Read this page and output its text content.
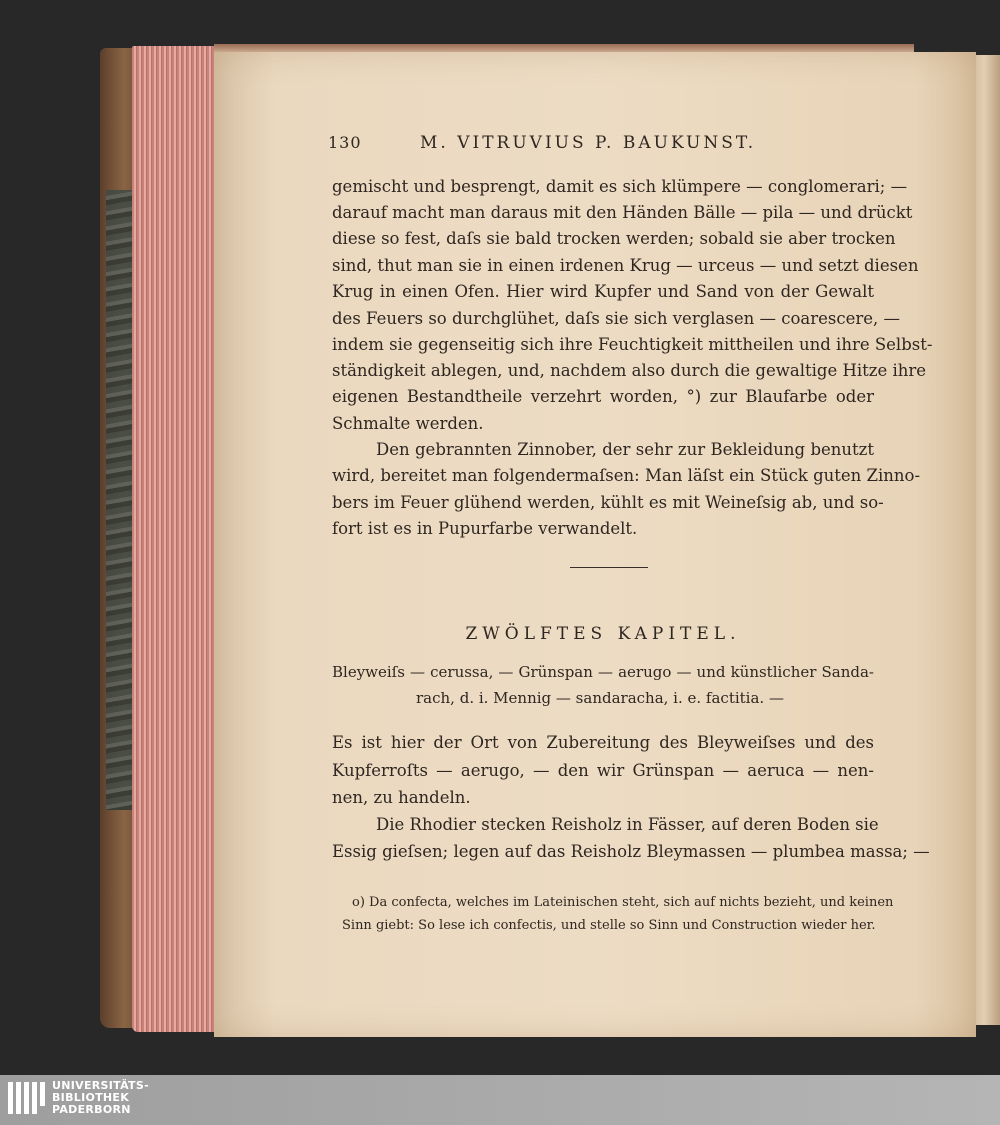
130	M. VITRUVIUS P. BAUKUNST.
gemischt und besprengt, damit es sich klümpere — conglomerari; —
darauf macht man daraus mit den Händen Bälle — pila — und drückt
diese so fest, daſs sie bald trocken werden; sobald sie aber trocken
sind, thut man sie in einen irdenen Krug — urceus — und setzt diesen
Krug in einen Ofen. Hier wird Kupfer und Sand von der Gewalt
des Feuers so durchglühet, daſs sie sich verglasen — coarescere, —
indem sie gegenseitig sich ihre Feuchtigkeit mittheilen und ihre Selbst-
ständigkeit ablegen, und, nachdem also durch die gewaltige Hitze ihre
eigenen Bestandtheile verzehrt worden, °) zur Blaufarbe oder
Schmalte werden.
Den gebrannten Zinnober, der sehr zur Bekleidung benutzt
wird, bereitet man folgendermaſsen: Man läſst ein Stück guten Zinno-
bers im Feuer glühend werden, kühlt es mit Weineſsig ab, und so-
fort ist es in Pupurfarbe verwandelt.
ZWÖLFTES KAPITEL.
Bleyweiſs — cerussa, — Grünspan — aerugo — und künstlicher Sanda-
rach, d. i. Mennig — sandaracha, i. e. factitia. —
Es ist hier der Ort von Zubereitung des Bleyweiſses und des
Kupferroſts — aerugo, — den wir Grünspan — aeruca — nen-
nen, zu handeln.
Die Rhodier stecken Reisholz in Fässer, auf deren Boden sie
Essig gieſsen; legen auf das Reisholz Bleymassen — plumbea massa; —
o) Da confecta, welches im Lateinischen steht, sich auf nichts bezieht, und keinen
Sinn giebt: So lese ich confectis, und stelle so Sinn und Construction wieder her.
UNIVERSITÄTS-
BIBLIOTHEK
PADERBORN
